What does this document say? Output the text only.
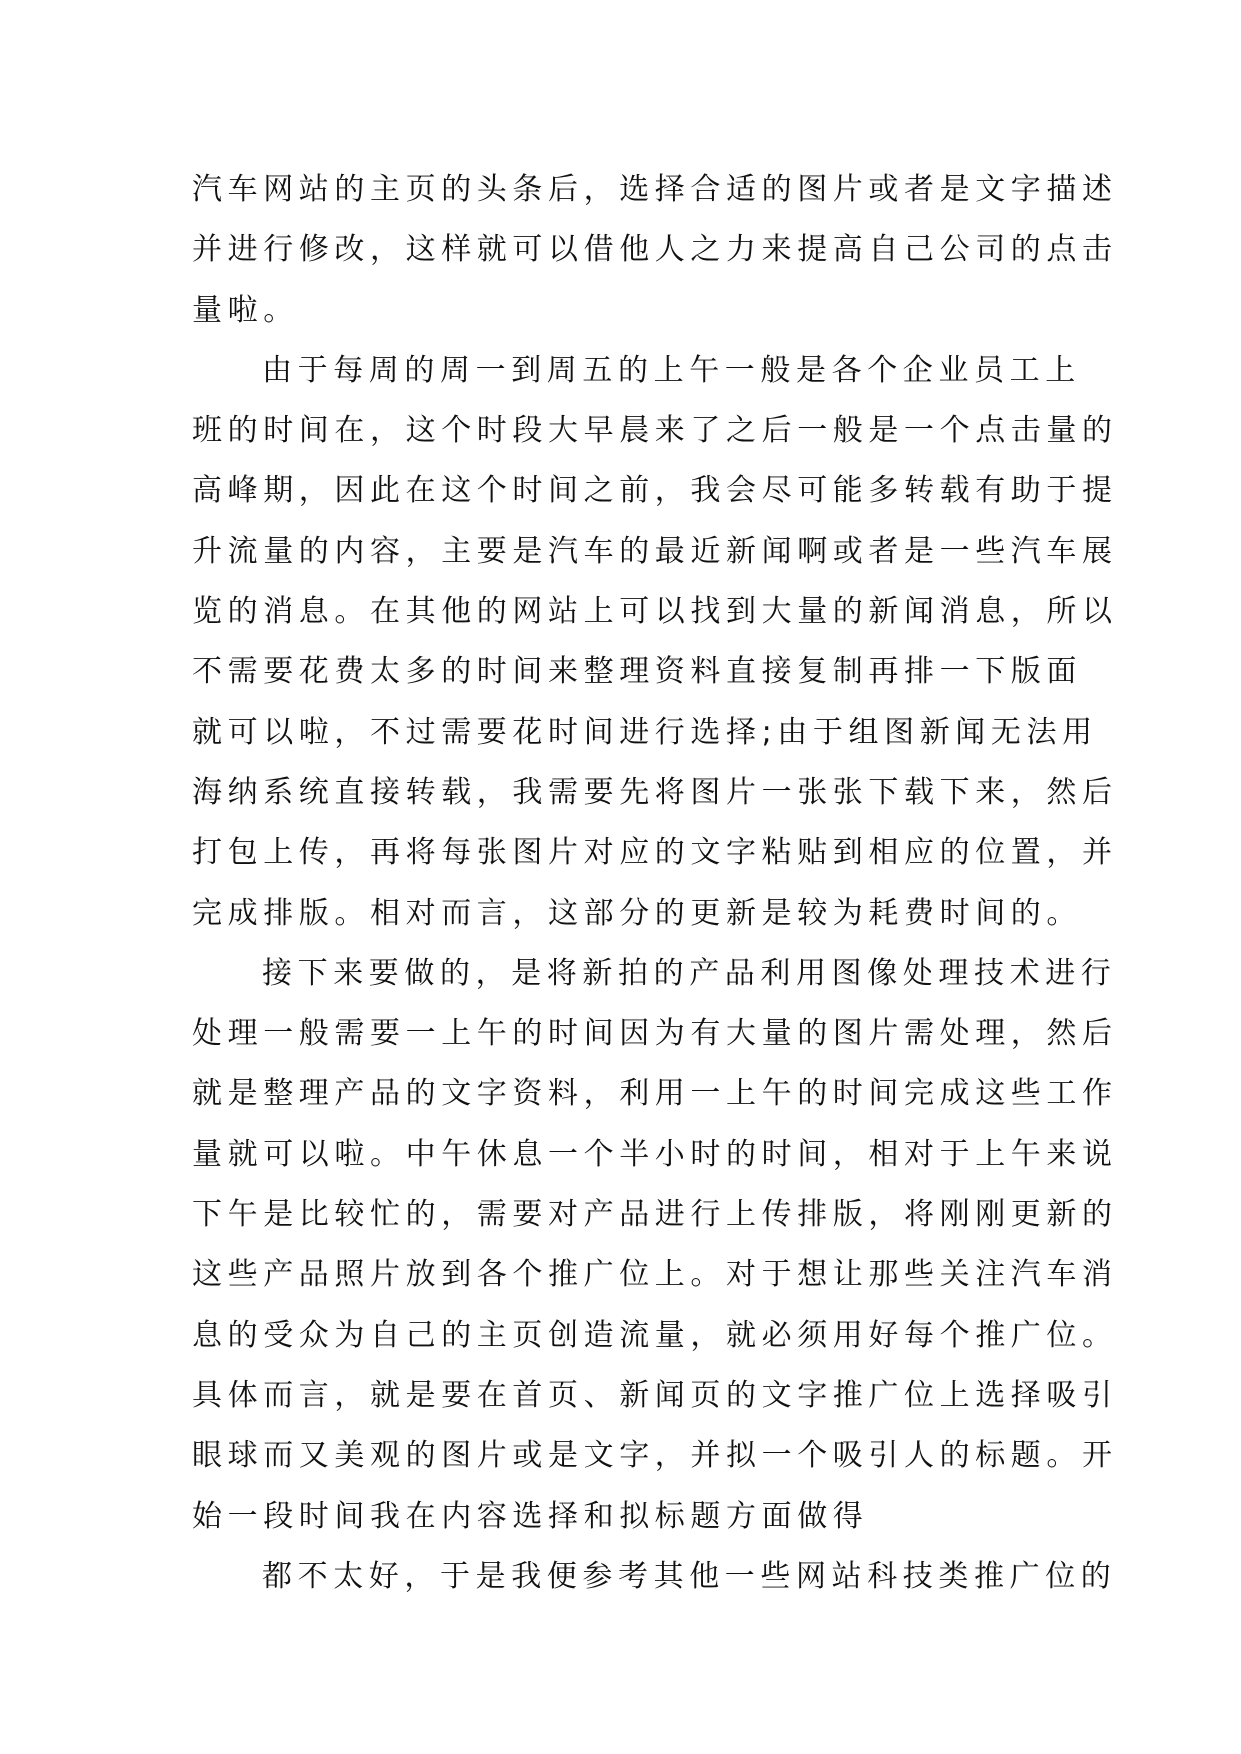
汽车网站的主页的头条后，选择合适的图片或者是文字描述
并进行修改，这样就可以借他人之力来提高自己公司的点击
量啦。
由于每周的周一到周五的上午一般是各个企业员工上
班的时间在，这个时段大早晨来了之后一般是一个点击量的
高峰期，因此在这个时间之前，我会尽可能多转载有助于提
升流量的内容，主要是汽车的最近新闻啊或者是一些汽车展
览的消息。在其他的网站上可以找到大量的新闻消息，所以
不需要花费太多的时间来整理资料直接复制再排一下版面
就可以啦，不过需要花时间进行选择;由于组图新闻无法用
海纳系统直接转载，我需要先将图片一张张下载下来，然后
打包上传，再将每张图片对应的文字粘贴到相应的位置，并
完成排版。相对而言，这部分的更新是较为耗费时间的。
接下来要做的，是将新拍的产品利用图像处理技术进行
处理一般需要一上午的时间因为有大量的图片需处理，然后
就是整理产品的文字资料，利用一上午的时间完成这些工作
量就可以啦。中午休息一个半小时的时间，相对于上午来说
下午是比较忙的，需要对产品进行上传排版，将刚刚更新的
这些产品照片放到各个推广位上。对于想让那些关注汽车消
息的受众为自己的主页创造流量，就必须用好每个推广位。
具体而言，就是要在首页、新闻页的文字推广位上选择吸引
眼球而又美观的图片或是文字，并拟一个吸引人的标题。开
始一段时间我在内容选择和拟标题方面做得
都不太好，于是我便参考其他一些网站科技类推广位的
